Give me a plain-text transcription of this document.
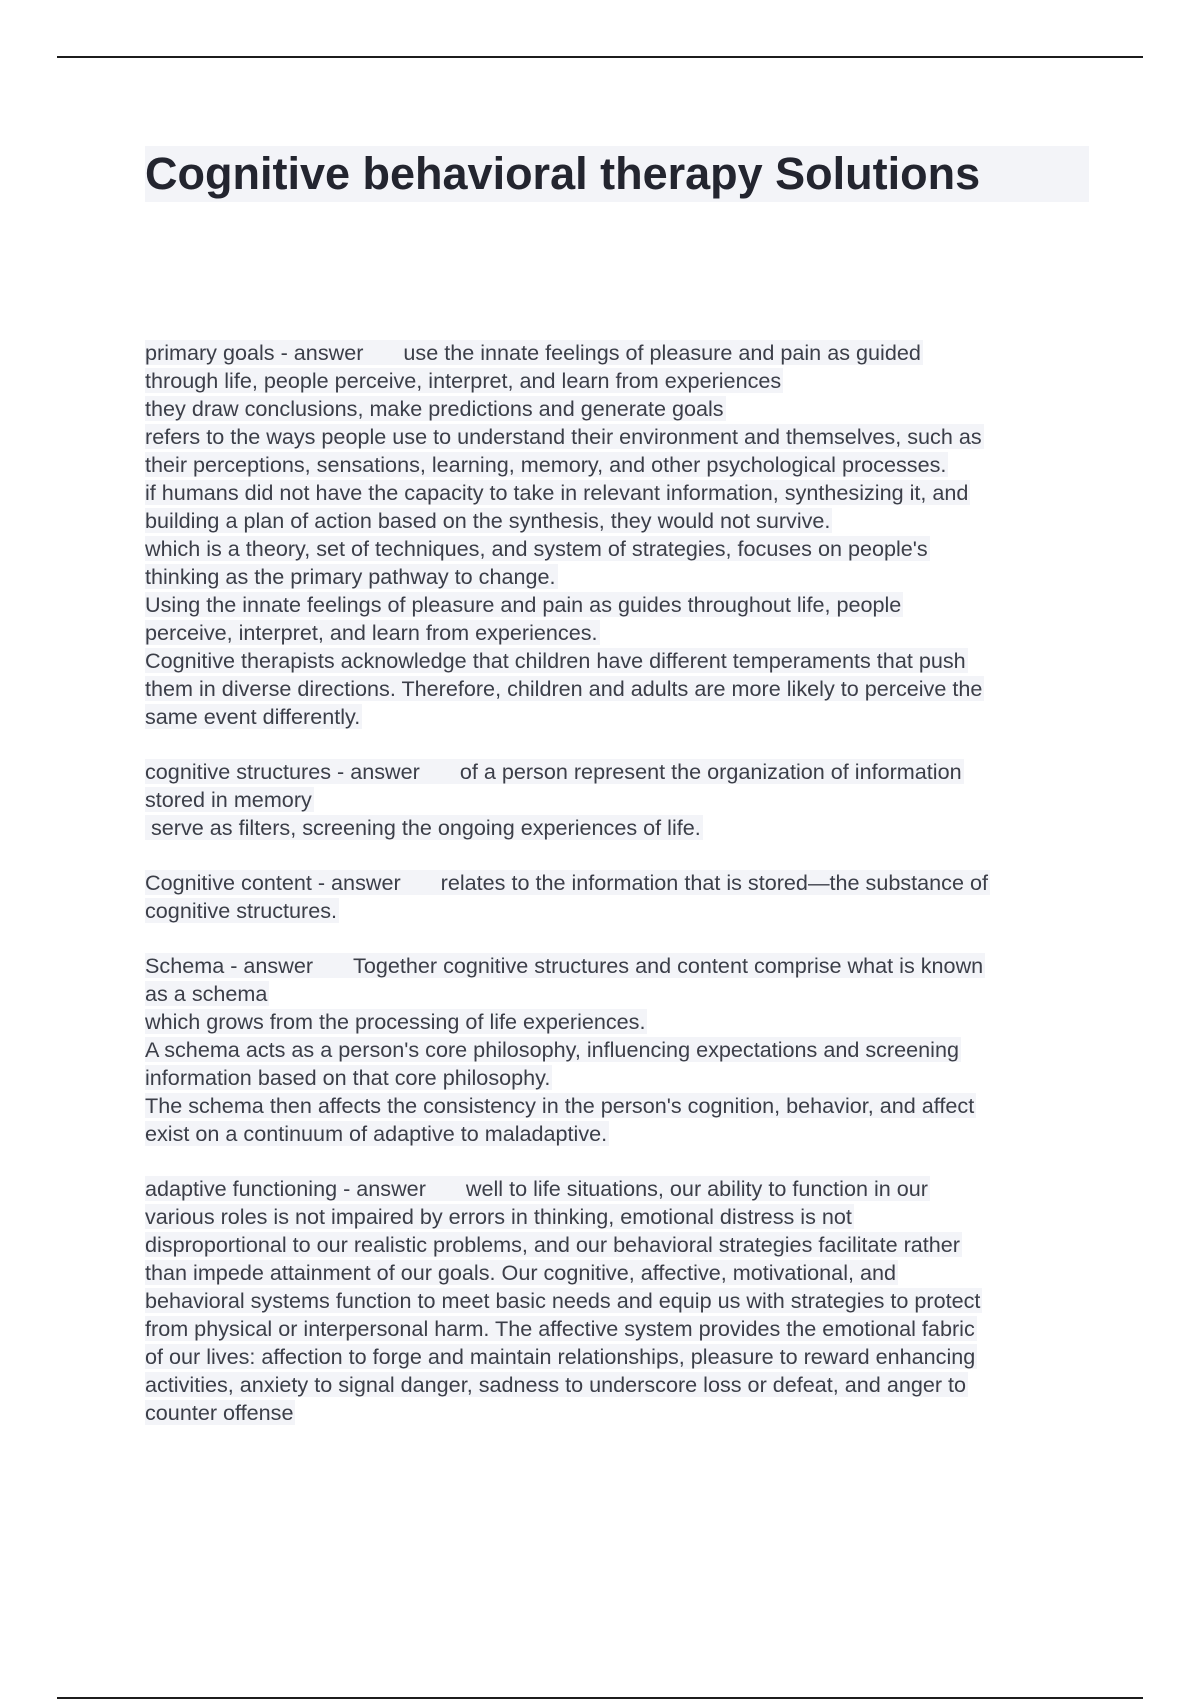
Cognitive behavioral therapy Solutions
primary goals - answer use the innate feelings of pleasure and pain as guided
through life, people perceive, interpret, and learn from experiences
they draw conclusions, make predictions and generate goals
refers to the ways people use to understand their environment and themselves, such as
their perceptions, sensations, learning, memory, and other psychological processes.
if humans did not have the capacity to take in relevant information, synthesizing it, and
building a plan of action based on the synthesis, they would not survive.
which is a theory, set of techniques, and system of strategies, focuses on people's
thinking as the primary pathway to change.
Using the innate feelings of pleasure and pain as guides throughout life, people
perceive, interpret, and learn from experiences.
Cognitive therapists acknowledge that children have different temperaments that push
them in diverse directions. Therefore, children and adults are more likely to perceive the
same event differently.
cognitive structures - answer of a person represent the organization of information
stored in memory
serve as filters, screening the ongoing experiences of life.
Cognitive content - answer relates to the information that is stored—the substance of
cognitive structures.
Schema - answer Together cognitive structures and content comprise what is known
as a schema
which grows from the processing of life experiences.
A schema acts as a person's core philosophy, influencing expectations and screening
information based on that core philosophy.
The schema then affects the consistency in the person's cognition, behavior, and affect
exist on a continuum of adaptive to maladaptive.
adaptive functioning - answer well to life situations, our ability to function in our
various roles is not impaired by errors in thinking, emotional distress is not
disproportional to our realistic problems, and our behavioral strategies facilitate rather
than impede attainment of our goals. Our cognitive, affective, motivational, and
behavioral systems function to meet basic needs and equip us with strategies to protect
from physical or interpersonal harm. The affective system provides the emotional fabric
of our lives: affection to forge and maintain relationships, pleasure to reward enhancing
activities, anxiety to signal danger, sadness to underscore loss or defeat, and anger to
counter offense
